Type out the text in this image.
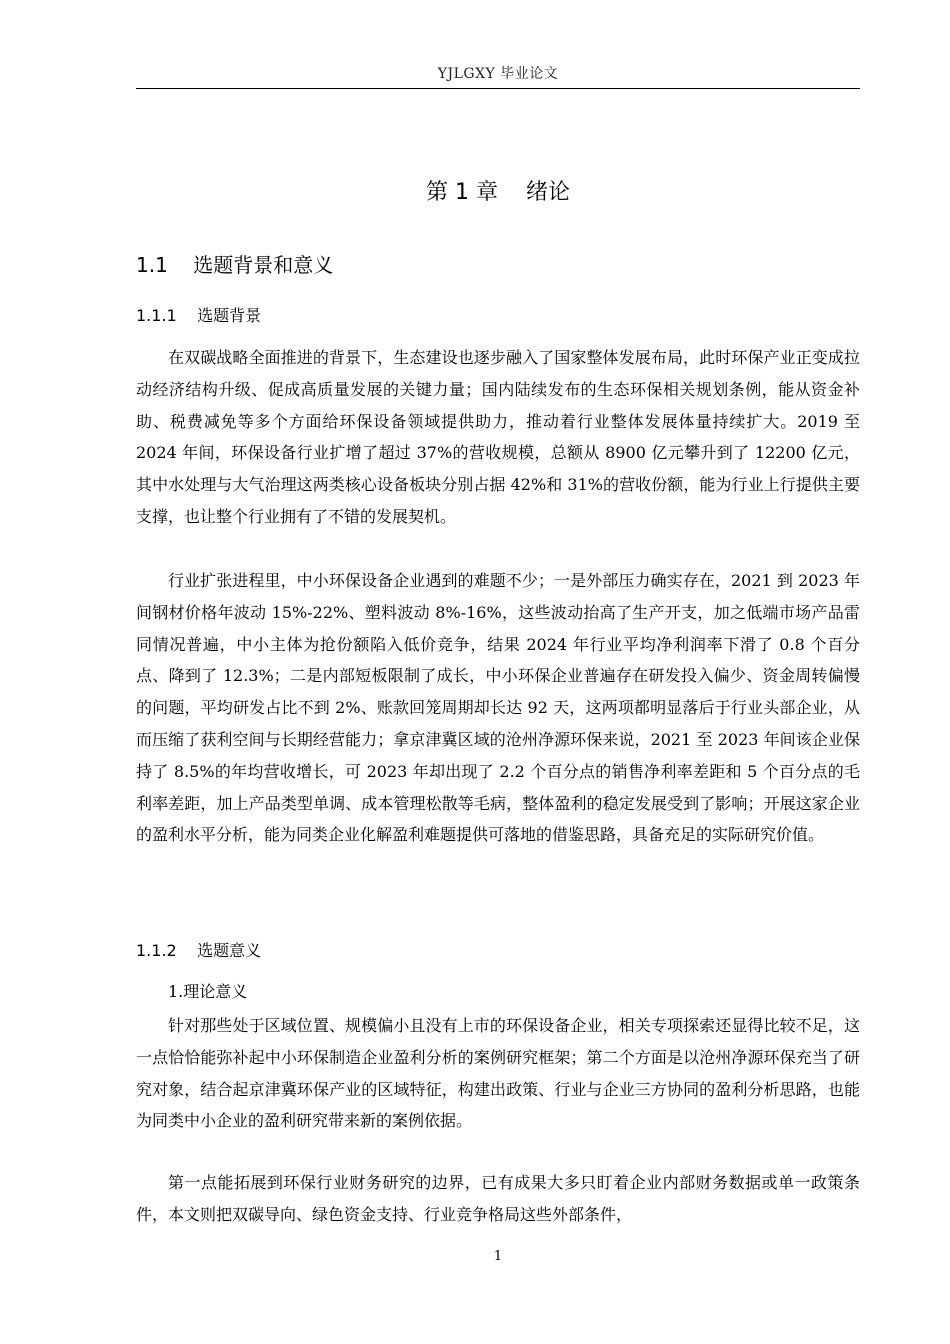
YJLGXY 毕业论文
第 1 章 绪论
1.1 选题背景和意义
1.1.1 选题背景

在双碳战略全面推进的背景下，生态建设也逐步融入了国家整体发展布局，此时环保产业正变成拉动经济结构升级、促成高质量发展的关键力量；国内陆续发布的生态环保相关规划条例，能从资金补助、税费减免等多个方面给环保设备领域提供助力，推动着行业整体发展体量持续扩大。2019 至 2024 年间，环保设备行业扩增了超过 37%的营收规模，总额从 8900 亿元攀升到了 12200 亿元，其中水处理与大气治理这两类核心设备板块分别占据 42%和 31%的营收份额，能为行业上行提供主要支撑，也让整个行业拥有了不错的发展契机。

行业扩张进程里，中小环保设备企业遇到的难题不少；一是外部压力确实存在，2021 到 2023 年间钢材价格年波动 15%-22%、塑料波动 8%-16%，这些波动抬高了生产开支，加之低端市场产品雷同情况普遍，中小主体为抢份额陷入低价竞争，结果 2024 年行业平均净利润率下滑了 0.8 个百分点、降到了 12.3%；二是内部短板限制了成长，中小环保企业普遍存在研发投入偏少、资金周转偏慢的问题，平均研发占比不到 2%、账款回笼周期却长达 92 天，这两项都明显落后于行业头部企业，从而压缩了获利空间与长期经营能力；拿京津冀区域的沧州净源环保来说，2021 至 2023 年间该企业保持了 8.5%的年均营收增长，可 2023 年却出现了 2.2 个百分点的销售净利率差距和 5 个百分点的毛利率差距，加上产品类型单调、成本管理松散等毛病，整体盈利的稳定发展受到了影响；开展这家企业的盈利水平分析，能为同类企业化解盈利难题提供可落地的借鉴思路，具备充足的实际研究价值。

1.1.2 选题意义
1.理论意义

针对那些处于区域位置、规模偏小且没有上市的环保设备企业，相关专项探索还显得比较不足，这一点恰恰能弥补起中小环保制造企业盈利分析的案例研究框架；第二个方面是以沧州净源环保充当了研究对象，结合起京津冀环保产业的区域特征，构建出政策、行业与企业三方协同的盈利分析思路，也能为同类中小企业的盈利研究带来新的案例依据。

第一点能拓展到环保行业财务研究的边界，已有成果大多只盯着企业内部财务数据或单一政策条件，本文则把双碳导向、绿色资金支持、行业竞争格局这些外部条件，

1
